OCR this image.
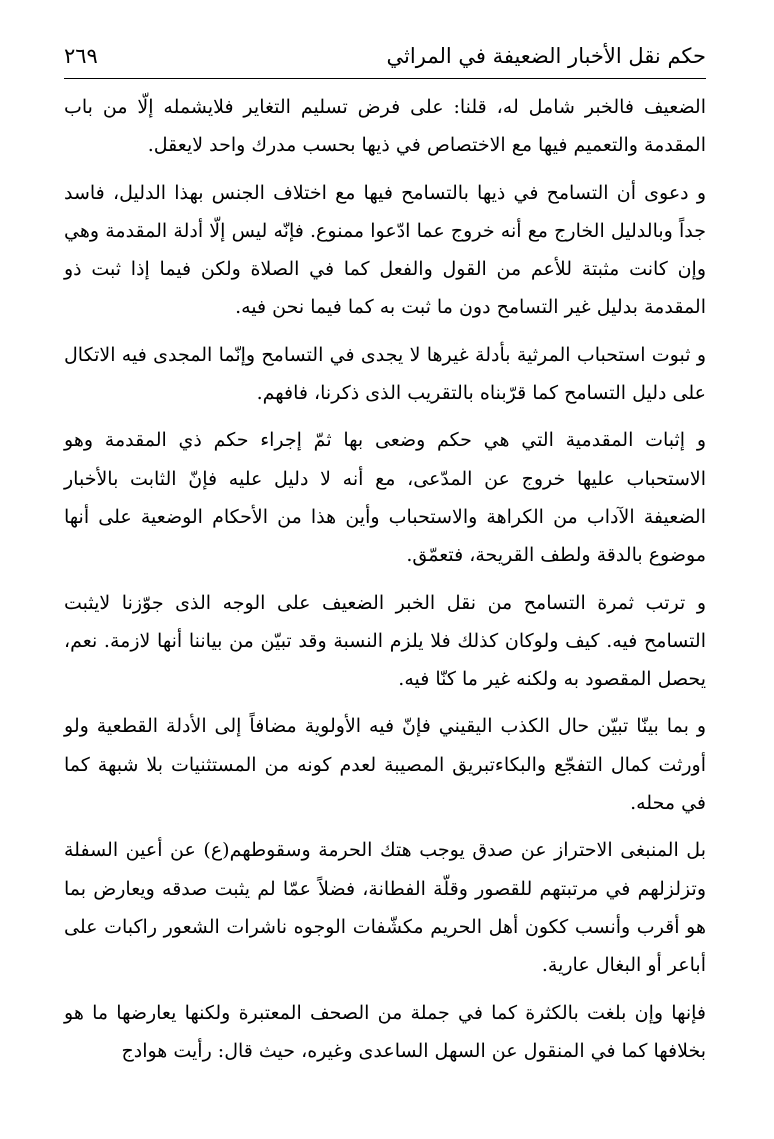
حكم نقل الأخبار الضعيفة في المراثي
٢٦٩

الضعيف فالخبر شامل له، قلنا: على فرض تسليم التغاير فلايشمله إلّا من باب المقدمة والتعميم فيها مع الاختصاص في ذيها بحسب مدرك واحد لايعقل.

و دعوى أن التسامح في ذيها بالتسامح فيها مع اختلاف الجنس بهذا الدليل، فاسد جداً وبالدليل الخارج مع أنه خروج عما ادّعوا ممنوع. فإنّه ليس إلّا أدلة المقدمة وهي وإن كانت مثبتة للأعم من القول والفعل كما في الصلاة ولكن فيما إذا ثبت ذو المقدمة بدليل غير التسامح دون ما ثبت به كما فيما نحن فيه.

و ثبوت استحباب المرثية بأدلة غيرها لا يجدى في التسامح وإنّما المجدى فيه الاتكال على دليل التسامح كما قرّبناه بالتقريب الذى ذكرنا، فافهم.

و إثبات المقدمية التي هي حكم وضعى بها ثمّ إجراء حكم ذي المقدمة وهو الاستحباب عليها خروج عن المدّعى، مع أنه لا دليل عليه فإنّ الثابت بالأخبار الضعيفة الآداب من الكراهة والاستحباب وأين هذا من الأحكام الوضعية على أنها موضوع بالدقة ولطف القريحة، فتعمّق.

و ترتب ثمرة التسامح من نقل الخبر الضعيف على الوجه الذى جوّزنا لايثبت التسامح فيه. كيف ولوكان كذلك فلا يلزم النسبة وقد تبيّن من بياننا أنها لازمة. نعم، يحصل المقصود به ولكنه غير ما كنّا فيه.

و بما بينّا تبيّن حال الكذب اليقيني فإنّ فيه الأولوية مضافاً إلى الأدلة القطعية ولو أورثت كمال التفجّع والبكاءتبريق المصيبة لعدم كونه من المستثنيات بلا شبهة كما في محله.

بل المنبغى الاحتراز عن صدق يوجب هتك الحرمة وسقوطهم(ع) عن أعين السفلة وتزلزلهم في مرتبتهم للقصور وقلّة الفطانة، فضلاً عمّا لم يثبت صدقه ويعارض بما هو أقرب وأنسب ككون أهل الحريم مكشّفات الوجوه ناشرات الشعور راكبات على أباعر أو البغال عارية.

فإنها وإن بلغت بالكثرة كما في جملة من الصحف المعتبرة ولكنها يعارضها ما هو بخلافها كما في المنقول عن السهل الساعدى وغيره، حيث قال: رأيت هوادج
